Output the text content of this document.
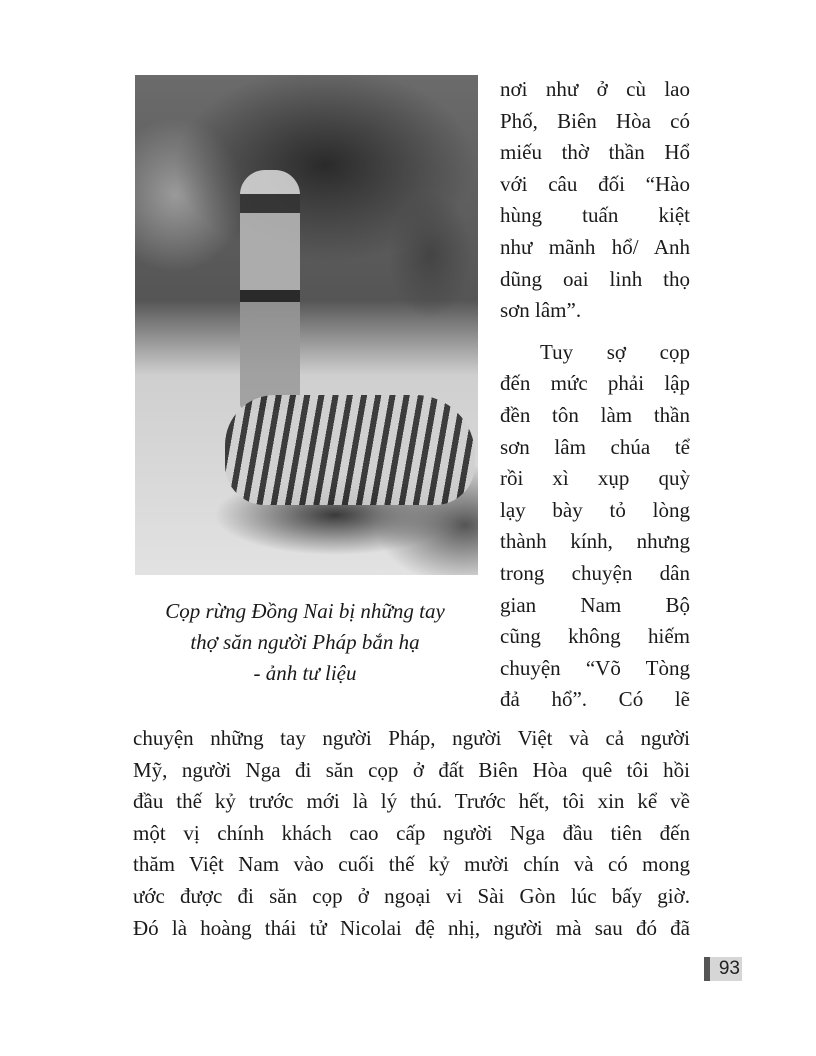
Cọp rừng Đồng Nai bị những tay
thợ săn người Pháp bắn hạ
- ảnh tư liệu
nơi như ở cù lao
Phố, Biên Hòa có
miếu thờ thần Hổ
với câu đối “Hào
hùng tuấn kiệt
như mãnh hổ/ Anh
dũng oai linh thọ
sơn lâm”.
Tuy sợ cọp
đến mức phải lập
đền tôn làm thần
sơn lâm chúa tể
rồi xì xụp quỳ
lạy bày tỏ lòng
thành kính, nhưng
trong chuyện dân
gian Nam Bộ
cũng không hiếm
chuyện “Võ Tòng
đả hổ”. Có lẽ
chuyện những tay người Pháp, người Việt và cả người
Mỹ, người Nga đi săn cọp ở đất Biên Hòa quê tôi hồi
đầu thế kỷ trước mới là lý thú. Trước hết, tôi xin kể về
một vị chính khách cao cấp người Nga đầu tiên đến
thăm Việt Nam vào cuối thế kỷ mười chín và có mong
ước được đi săn cọp ở ngoại vi Sài Gòn lúc bấy giờ.
Đó là hoàng thái tử Nicolai đệ nhị, người mà sau đó đã
93
